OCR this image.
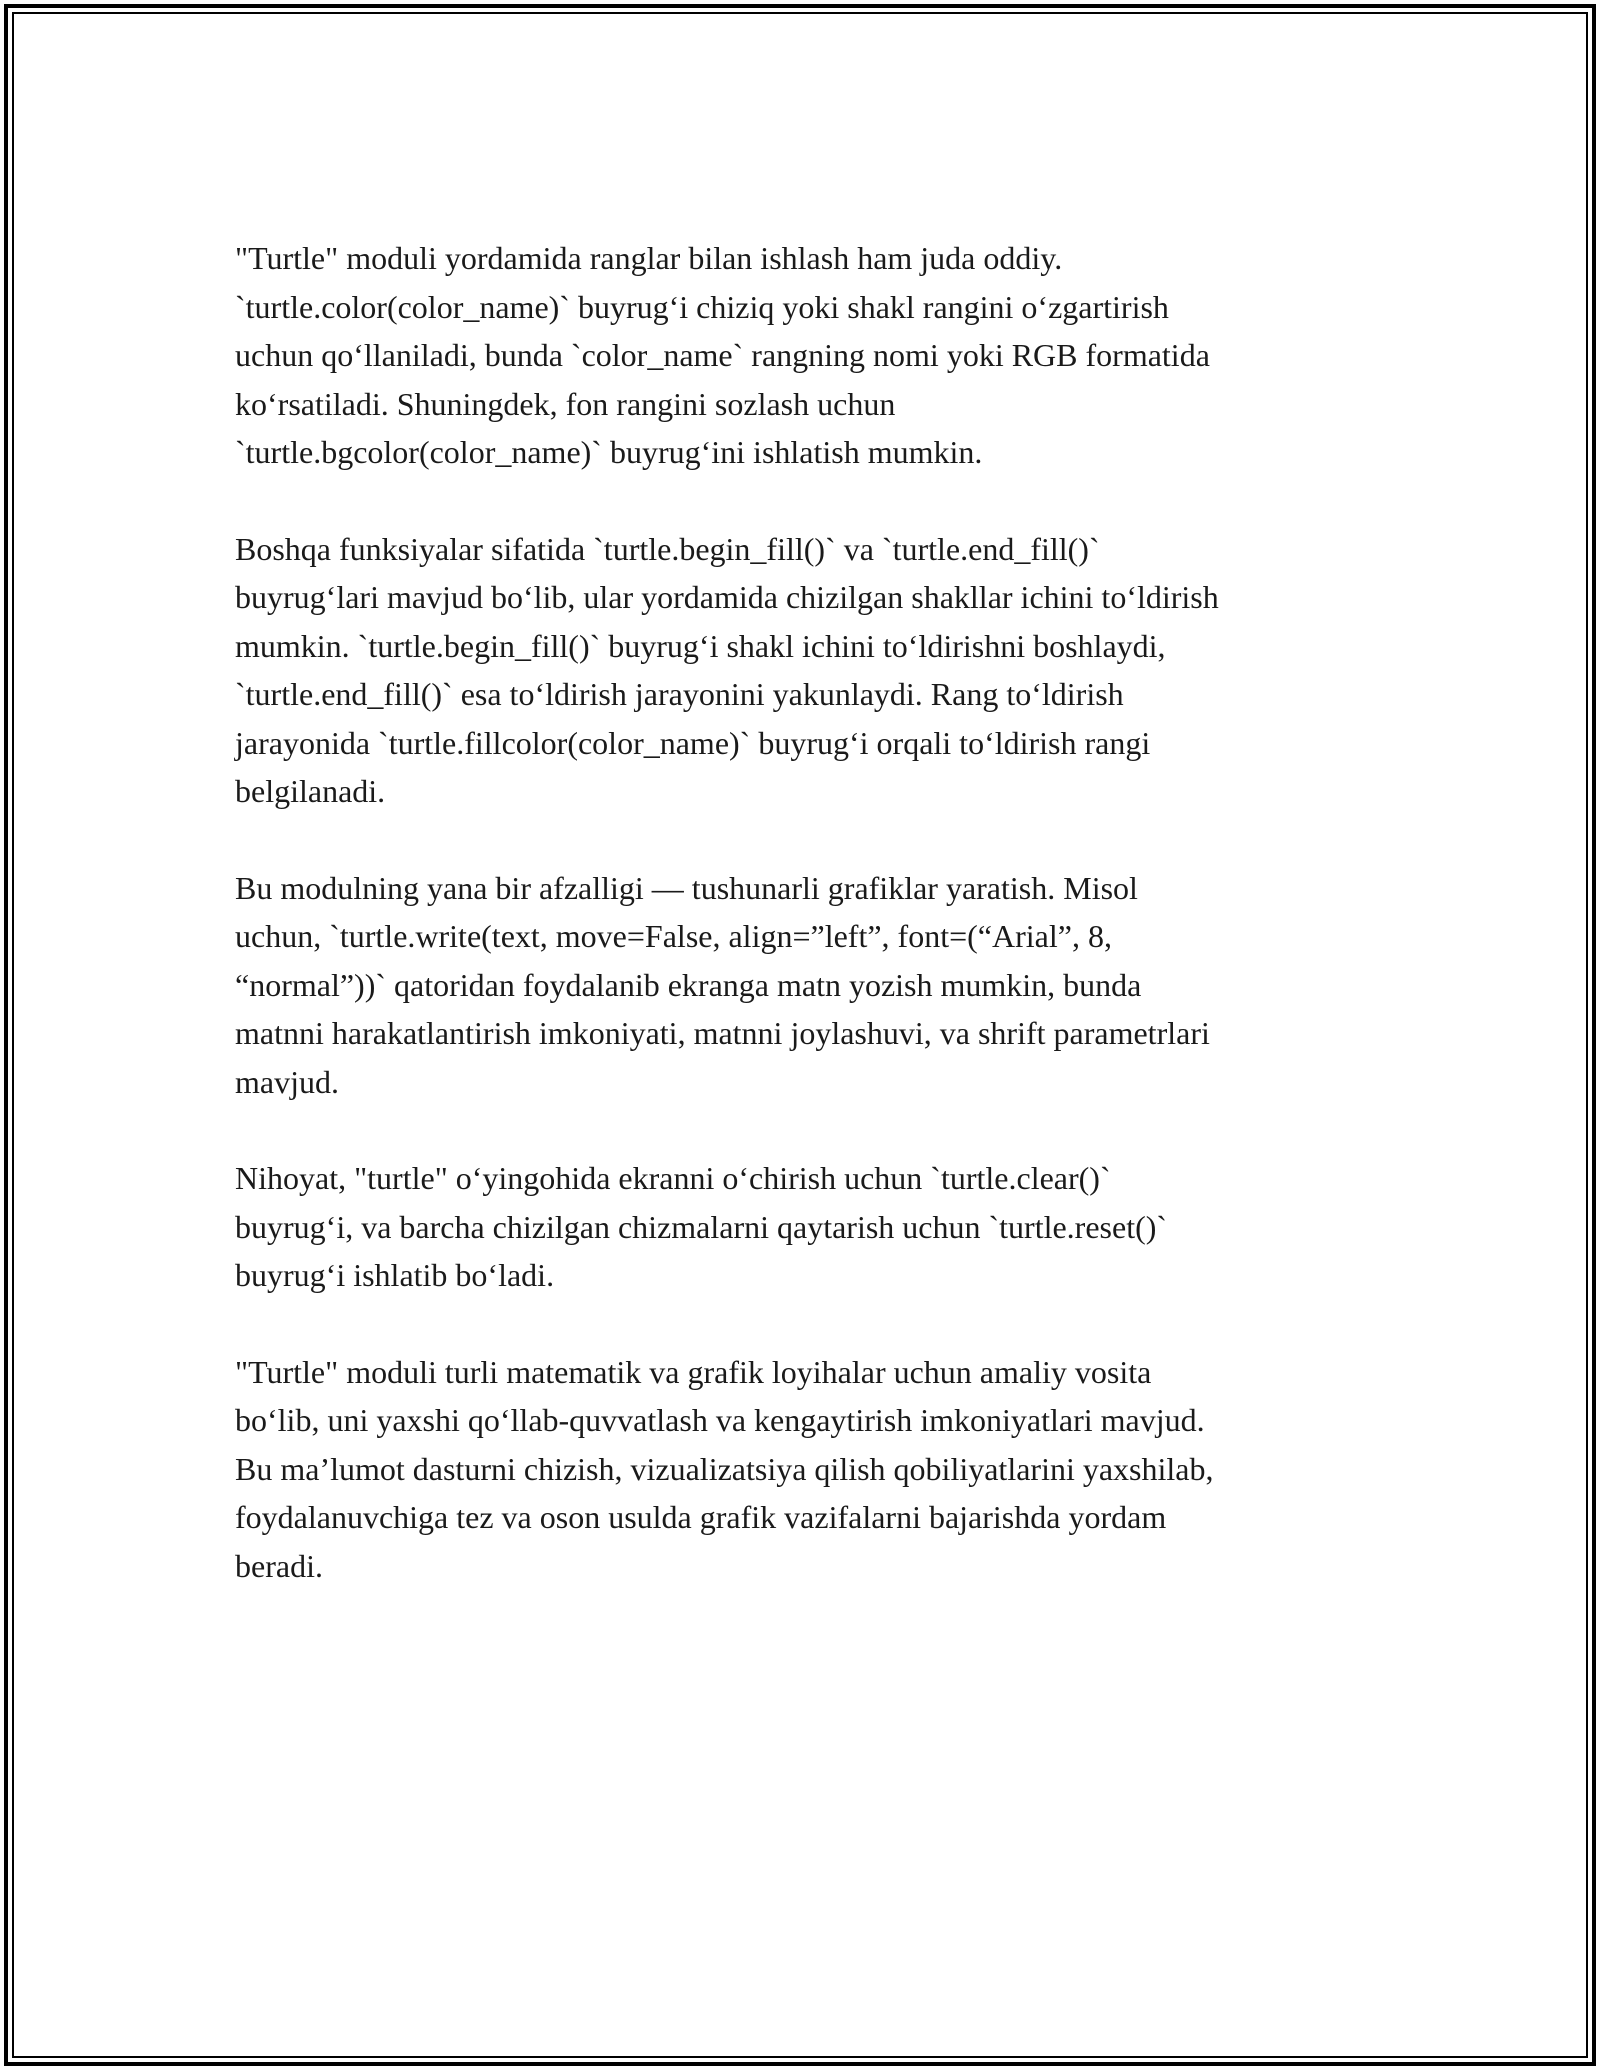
"Turtle" moduli yordamida ranglar bilan ishlash ham juda oddiy.
`turtle.color(color_name)` buyrug‘i chiziq yoki shakl rangini o‘zgartirish
uchun qo‘llaniladi, bunda `color_name` rangning nomi yoki RGB formatida
ko‘rsatiladi. Shuningdek, fon rangini sozlash uchun
`turtle.bgcolor(color_name)` buyrug‘ini ishlatish mumkin.

Boshqa funksiyalar sifatida `turtle.begin_fill()` va `turtle.end_fill()`
buyrug‘lari mavjud bo‘lib, ular yordamida chizilgan shakllar ichini to‘ldirish
mumkin. `turtle.begin_fill()` buyrug‘i shakl ichini to‘ldirishni boshlaydi,
`turtle.end_fill()` esa to‘ldirish jarayonini yakunlaydi. Rang to‘ldirish
jarayonida `turtle.fillcolor(color_name)` buyrug‘i orqali to‘ldirish rangi
belgilanadi.

Bu modulning yana bir afzalligi — tushunarli grafiklar yaratish. Misol
uchun, `turtle.write(text, move=False, align=”left”, font=(“Arial”, 8,
“normal”))` qatoridan foydalanib ekranga matn yozish mumkin, bunda
matnni harakatlantirish imkoniyati, matnni joylashuvi, va shrift parametrlari
mavjud.

Nihoyat, "turtle" o‘yingohida ekranni o‘chirish uchun `turtle.clear()`
buyrug‘i, va barcha chizilgan chizmalarni qaytarish uchun `turtle.reset()`
buyrug‘i ishlatib bo‘ladi.

"Turtle" moduli turli matematik va grafik loyihalar uchun amaliy vosita
bo‘lib, uni yaxshi qo‘llab-quvvatlash va kengaytirish imkoniyatlari mavjud.
Bu ma’lumot dasturni chizish, vizualizatsiya qilish qobiliyatlarini yaxshilab,
foydalanuvchiga tez va oson usulda grafik vazifalarni bajarishda yordam
beradi.
